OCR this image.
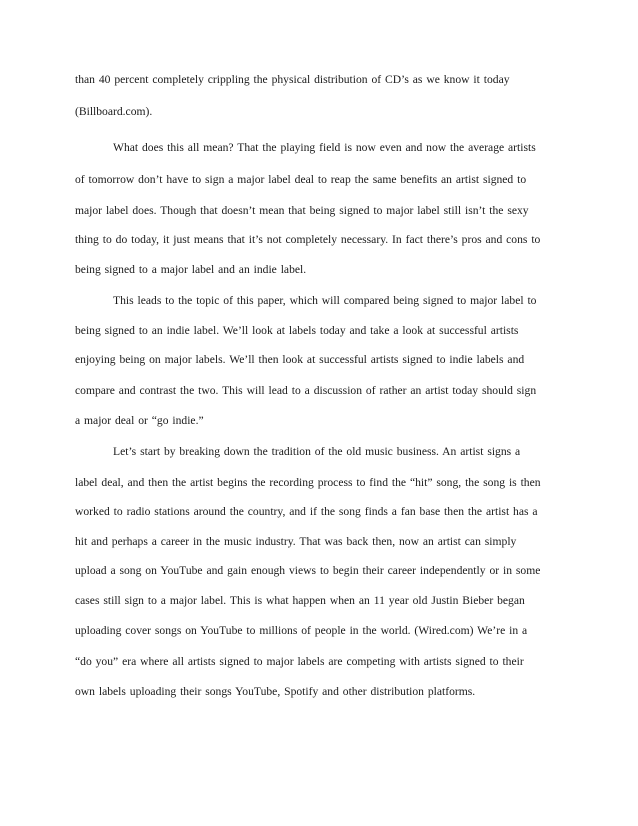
than 40 percent completely crippling the physical distribution of CD’s as we know it today

(Billboard.com).

What does this all mean? That the playing field is now even and now the average artists

of tomorrow don’t have to sign a major label deal to reap the same benefits an artist signed to

major label does. Though that doesn’t mean that being signed to major label still isn’t the sexy

thing to do today, it just means that it’s not completely necessary. In fact there’s pros and cons to

being signed to a major label and an indie label.

This leads to the topic of this paper, which will compared being signed to major label to

being signed to an indie label. We’ll look at labels today and take a look at successful artists

enjoying being on major labels. We’ll then look at successful artists signed to indie labels and

compare and contrast the two. This will lead to a discussion of rather an artist today should sign

a major deal or “go indie.”

Let’s start by breaking down the tradition of the old music business. An artist signs a

label deal, and then the artist begins the recording process to find the “hit” song, the song is then

worked to radio stations around the country, and if the song finds a fan base then the artist has a

hit and perhaps a career in the music industry. That was back then, now an artist can simply

upload a song on YouTube and gain enough views to begin their career independently or in some

cases still sign to a major label. This is what happen when an 11 year old Justin Bieber began

uploading cover songs on YouTube to millions of people in the world. (Wired.com) We’re in a

“do you” era where all artists signed to major labels are competing with artists signed to their

own labels uploading their songs YouTube, Spotify and other distribution platforms.
